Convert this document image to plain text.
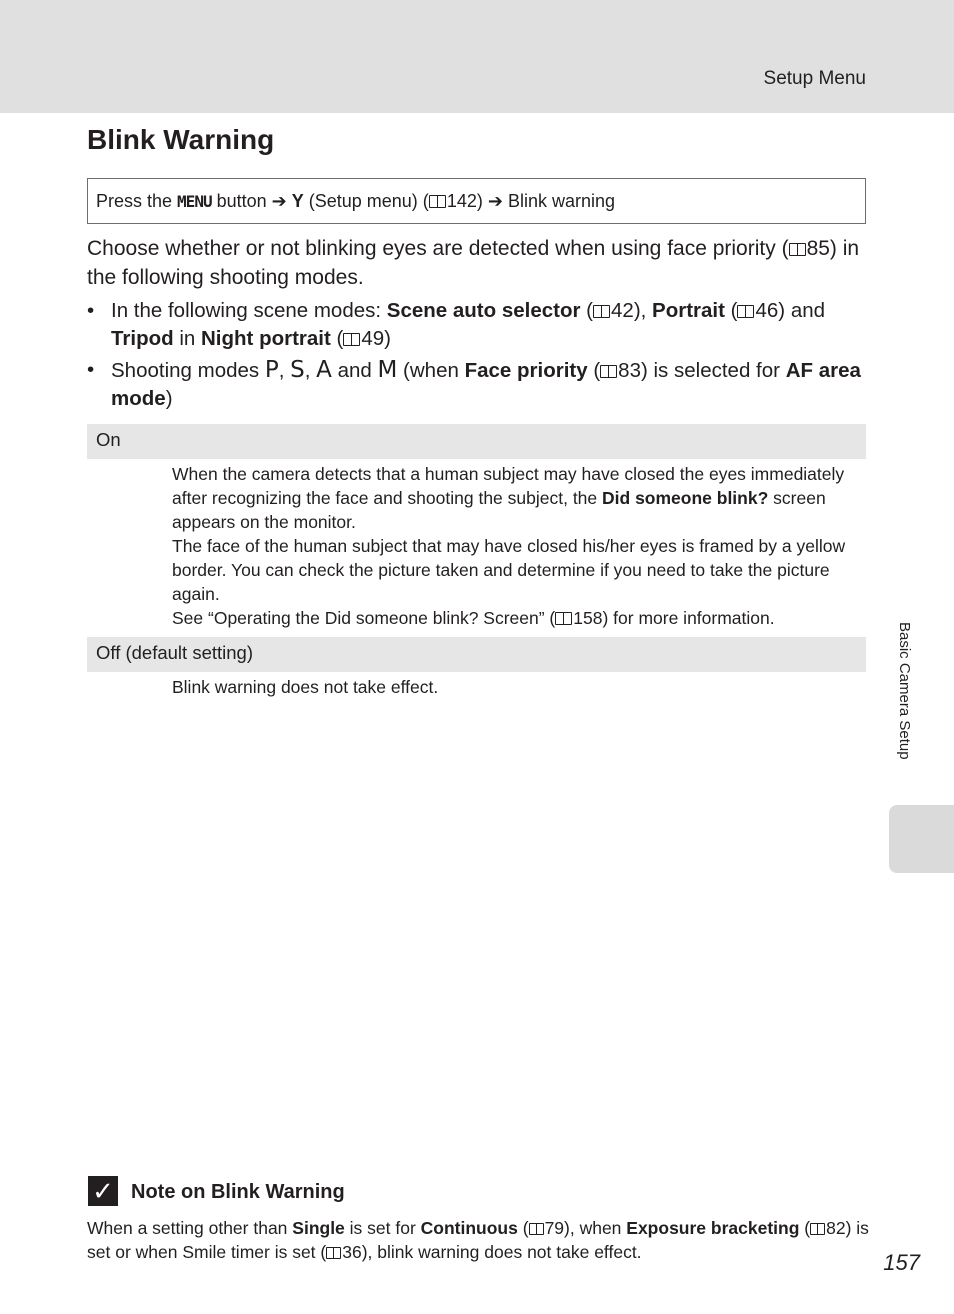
Setup Menu
Blink Warning
Press the MENU button ➔ Y (Setup menu) ( 142) ➔ Blink warning

Choose whether or not blinking eyes are detected when using face priority ( 85) in the following shooting modes.

• In the following scene modes: Scene auto selector ( 42), Portrait ( 46) and Tripod in Night portrait ( 49)
• Shooting modes P, S, A and M (when Face priority ( 83) is selected for AF area mode)
On

When the camera detects that a human subject may have closed the eyes immediately after recognizing the face and shooting the subject, the Did someone blink? screen appears on the monitor.

The face of the human subject that may have closed his/her eyes is framed by a yellow border. You can check the picture taken and determine if you need to take the picture again.

See “Operating the Did someone blink? Screen” ( 158) for more information.

Off (default setting)
Blink warning does not take effect.	Basic Camera Setup
✓ Note on Blink Warning

When a setting other than Single is set for Continuous ( 79), when Exposure bracketing ( 82) is set or when Smile timer is set ( 36), blink warning does not take effect.	157
